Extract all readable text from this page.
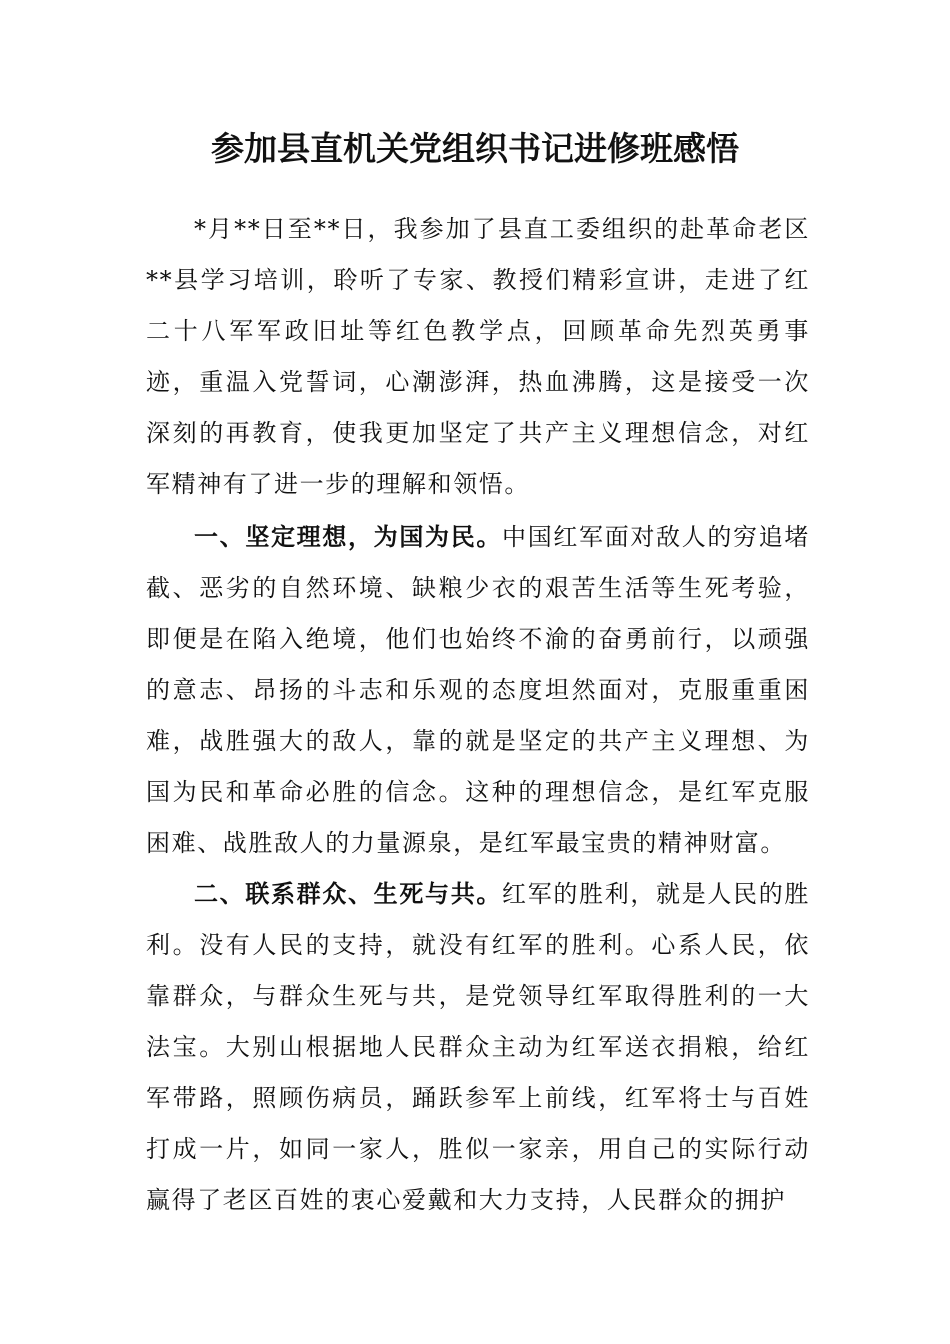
参加县直机关党组织书记进修班感悟

*月**日至**日，我参加了县直工委组织的赴革命老区**县学习培训，聆听了专家、教授们精彩宣讲，走进了红二十八军军政旧址等红色教学点，回顾革命先烈英勇事迹，重温入党誓词，心潮澎湃，热血沸腾，这是接受一次深刻的再教育，使我更加坚定了共产主义理想信念，对红军精神有了进一步的理解和领悟。

一、坚定理想，为国为民。中国红军面对敌人的穷追堵截、恶劣的自然环境、缺粮少衣的艰苦生活等生死考验，即便是在陷入绝境，他们也始终不渝的奋勇前行，以顽强的意志、昂扬的斗志和乐观的态度坦然面对，克服重重困难，战胜强大的敌人，靠的就是坚定的共产主义理想、为国为民和革命必胜的信念。这种的理想信念，是红军克服困难、战胜敌人的力量源泉，是红军最宝贵的精神财富。

二、联系群众、生死与共。红军的胜利，就是人民的胜利。没有人民的支持，就没有红军的胜利。心系人民，依靠群众，与群众生死与共，是党领导红军取得胜利的一大法宝。大别山根据地人民群众主动为红军送衣捐粮，给红军带路，照顾伤病员，踊跃参军上前线，红军将士与百姓打成一片，如同一家人，胜似一家亲，用自己的实际行动赢得了老区百姓的衷心爱戴和大力支持，人民群众的拥护
